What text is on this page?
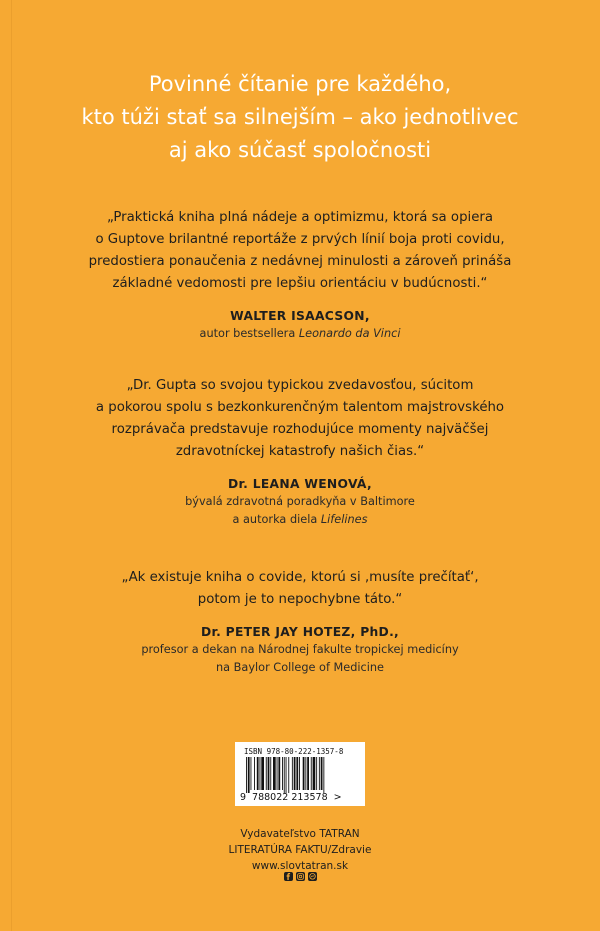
Povinné čítanie pre každého,
kto túži stať sa silnejším – ako jednotlivec
aj ako súčasť spoločnosti
„Praktická kniha plná nádeje a optimizmu, ktorá sa opiera
o Guptove brilantné reportáže z prvých línií boja proti covidu,
predostiera ponaučenia z nedávnej minulosti a zároveň prináša
základné vedomosti pre lepšiu orientáciu v budúcnosti.“
WALTER ISAACSON,
autor bestsellera Leonardo da Vinci
„Dr. Gupta so svojou typickou zvedavosťou, súcitom
a pokorou spolu s bezkonkurenčným talentom majstrovského
rozprávača predstavuje rozhodujúce momenty najväčšej
zdravotníckej katastrofy našich čias.“
Dr. LEANA WENOVÁ,
bývalá zdravotná poradkyňa v Baltimore
a autorka diela Lifelines
„Ak existuje kniha o covide, ktorú si ‚musíte prečítať‘,
potom je to nepochybne táto.“
Dr. PETER JAY HOTEZ, PhD.,
profesor a dekan na Národnej fakulte tropickej medicíny
na Baylor College of Medicine
ISBN 978-80-222-1357-8
9 788022 213578 >
Vydavateľstvo TATRAN
LITERATÚRA FAKTU/Zdravie
www.slovtatran.sk
